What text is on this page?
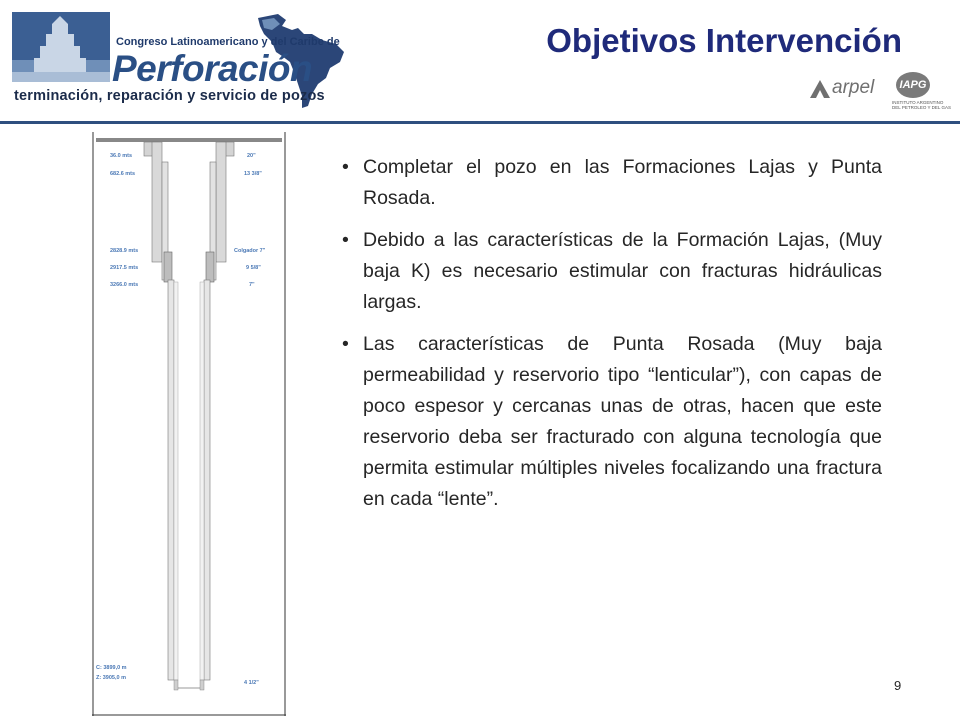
Congreso Latinoamericano y del Caribe de
Perforación
terminación, reparación y servicio de pozos
Objetivos Intervención
arpel	IAPG
INSTITUTO ARGENTINO
DEL PETROLEO Y DEL GAS
36.0 mts
682.6 mts
2828.9 mts
2917.5 mts
3266.0 mts
20"
13 3/8"
Colgador 7"
9 5/8"
7"
C: 3899,0 m
Z: 3905,0 m
4 1/2"
• Completar el pozo en las Formaciones Lajas y Punta Rosada.
• Debido a las características de la Formación Lajas, (Muy baja K) es necesario estimular con fracturas hidráulicas largas.
• Las características de Punta Rosada (Muy baja permeabilidad y reservorio tipo “lenticular”), con capas de poco espesor y cercanas unas de otras, hacen que este reservorio deba ser fracturado con alguna tecnología que permita estimular múltiples niveles focalizando una fractura en cada “lente”.
9
